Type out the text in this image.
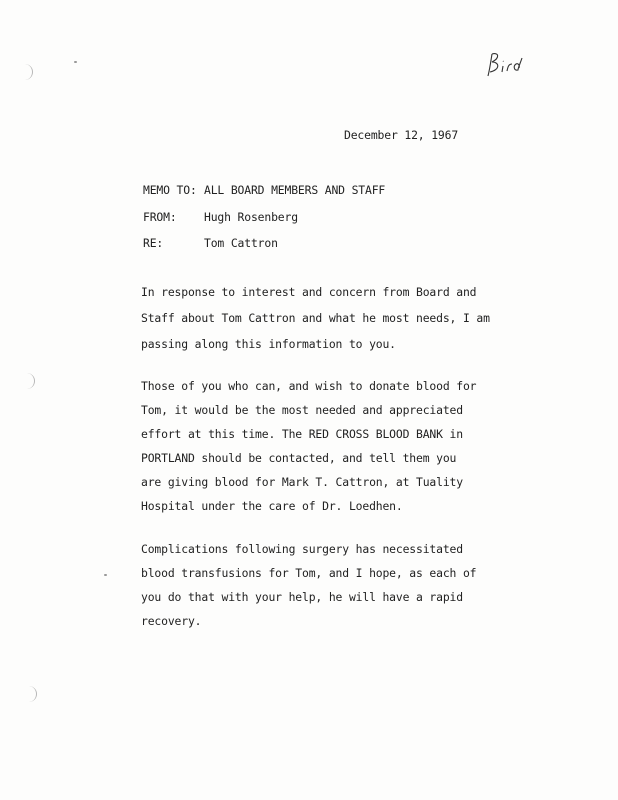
December 12, 1967
MEMO TO: ALL BOARD MEMBERS AND STAFF
FROM: Hugh Rosenberg
RE:	Tom Cattron
In response to interest and concern from Board and
Staff about Tom Cattron and what he most needs, I am
passing along this information to you.
Those of you who can, and wish to donate blood for
Tom, it would be the most needed and appreciated
effort at this time. The RED CROSS BLOOD BANK in
PORTLAND should be contacted, and tell them you
are giving blood for Mark T. Cattron, at Tuality
Hospital under the care of Dr. Loedhen.
Complications following surgery has necessitated
blood transfusions for Tom, and I hope, as each of
you do that with your help, he will have a rapid
recovery.
